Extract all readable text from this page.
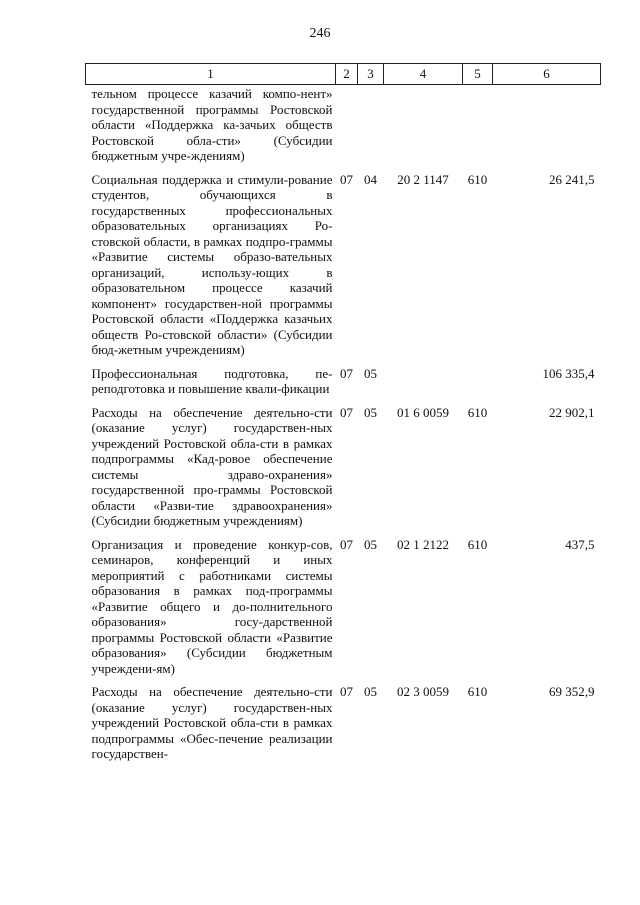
246
1	2	3	4	5	6
тельном процессе казачий компо-нент» государственной программы Ростовской области «Поддержка ка-зачьих обществ Ростовской обла-сти» (Субсидии бюджетным учре-ждениям)					
Социальная поддержка и стимули-рование студентов, обучающихся в государственных профессиональных образовательных организациях Ро-стовской области, в рамках подпро-граммы «Развитие системы образо-вательных организаций, использу-ющих в образовательном процессе казачий компонент» государствен-ной программы Ростовской области «Поддержка казачьих обществ Ро-стовской области» (Субсидии бюд-жетным учреждениям)	07	04	20 2 1147	610	26 241,5
Профессиональная подготовка, пе-реподготовка и повышение квали-фикации	07	05			106 335,4
Расходы на обеспечение деятельно-сти (оказание услуг) государствен-ных учреждений Ростовской обла-сти в рамках подпрограммы «Кад-ровое обеспечение системы здраво-охранения» государственной про-граммы Ростовской области «Разви-тие здравоохранения» (Субсидии бюджетным учреждениям)	07	05	01 6 0059	610	22 902,1
Организация и проведение конкур-сов, семинаров, конференций и иных мероприятий с работниками системы образования в рамках под-программы «Развитие общего и до-полнительного образования» госу-дарственной программы Ростовской области «Развитие образования» (Субсидии бюджетным учреждени-ям)	07	05	02 1 2122	610	437,5
Расходы на обеспечение деятельно-сти (оказание услуг) государствен-ных учреждений Ростовской обла-сти в рамках подпрограммы «Обес-печение реализации государствен-	07	05	02 3 0059	610	69 352,9
